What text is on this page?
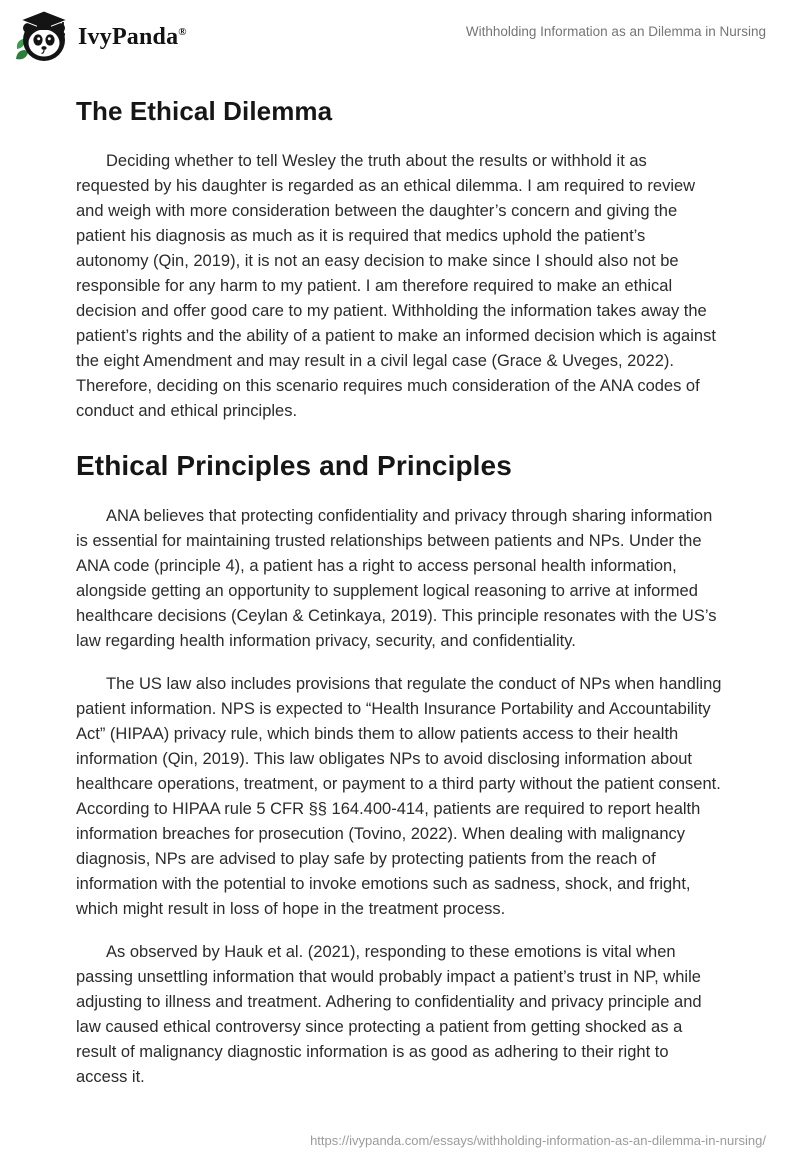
IvyPanda®	Withholding Information as an Dilemma in Nursing
The Ethical Dilemma

Deciding whether to tell Wesley the truth about the results or withhold it as requested by his daughter is regarded as an ethical dilemma. I am required to review and weigh with more consideration between the daughter’s concern and giving the patient his diagnosis as much as it is required that medics uphold the patient’s autonomy (Qin, 2019), it is not an easy decision to make since I should also not be responsible for any harm to my patient. I am therefore required to make an ethical decision and offer good care to my patient. Withholding the information takes away the patient’s rights and the ability of a patient to make an informed decision which is against the eight Amendment and may result in a civil legal case (Grace & Uveges, 2022). Therefore, deciding on this scenario requires much consideration of the ANA codes of conduct and ethical principles.

Ethical Principles and Principles

ANA believes that protecting confidentiality and privacy through sharing information is essential for maintaining trusted relationships between patients and NPs. Under the ANA code (principle 4), a patient has a right to access personal health information, alongside getting an opportunity to supplement logical reasoning to arrive at informed healthcare decisions (Ceylan & Cetinkaya, 2019). This principle resonates with the US’s law regarding health information privacy, security, and confidentiality.

The US law also includes provisions that regulate the conduct of NPs when handling patient information. NPS is expected to “Health Insurance Portability and Accountability Act” (HIPAA) privacy rule, which binds them to allow patients access to their health information (Qin, 2019). This law obligates NPs to avoid disclosing information about healthcare operations, treatment, or payment to a third party without the patient consent. According to HIPAA rule 5 CFR §§ 164.400-414, patients are required to report health information breaches for prosecution (Tovino, 2022). When dealing with malignancy diagnosis, NPs are advised to play safe by protecting patients from the reach of information with the potential to invoke emotions such as sadness, shock, and fright, which might result in loss of hope in the treatment process.

As observed by Hauk et al. (2021), responding to these emotions is vital when passing unsettling information that would probably impact a patient’s trust in NP, while adjusting to illness and treatment. Adhering to confidentiality and privacy principle and law caused ethical controversy since protecting a patient from getting shocked as a result of malignancy diagnostic information is as good as adhering to their right to access it.

https://ivypanda.com/essays/withholding-information-as-an-dilemma-in-nursing/
